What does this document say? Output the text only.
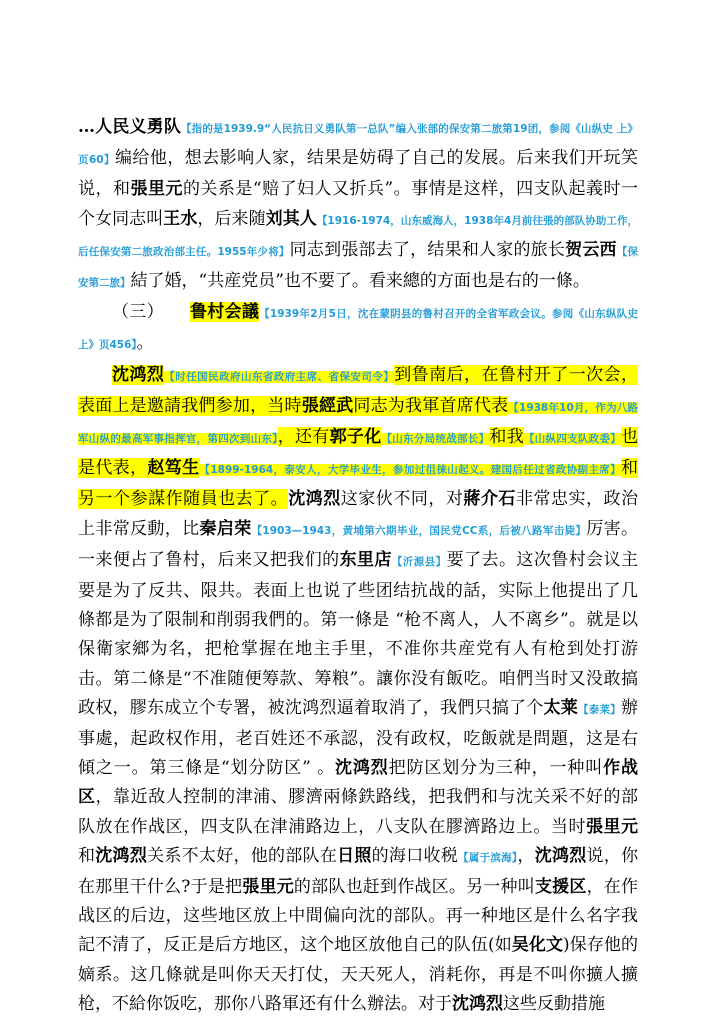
…人民义勇队【指的是1939.9“人民抗日义勇队第一总队”编入张部的保安第二旅第19团，参阅《山纵史 上》页60】编给他，想去影响人家，结果是妨碍了自己的发展。后来我们开玩笑说，和張里元的关系是“赔了妇人又折兵”。事情是这样，四支队起義时一个女同志叫王水，后来随刘其人【1916-1974，山东威海人，1938年4月前往張的部队协助工作，后任保安第二旅政治部主任。1955年少将】同志到張部去了，结果和人家的旅长贺云西【保安第二旅】結了婚，“共産党员”也不要了。看来總的方面也是右的一條。

（三）　　鲁村会議【1939年2月5日，沈在蒙阴县的鲁村召开的全省军政会议。参阅《山东纵队史 上》页456】。

沈鸿烈【时任国民政府山东省政府主席、省保安司令】到鲁南后，在鲁村开了一次会，表面上是邀請我們参加，当時張經武同志为我軍首席代表【1938年10月，作为八路军山纵的最高军事指挥官，第四次到山东】，还有郭子化【山东分局统战部长】和我【山纵四支队政委】也是代表，赵笃生【1899-1964，泰安人，大学毕业生，参加过徂徕山起义。建国后任过省政协副主席】和另一个参謀作随員也去了。沈鸿烈这家伙不同，对蔣介石非常忠实，政治上非常反動，比秦启荣【1903—1943，黄埔第六期毕业，国民党CC系，后被八路军击毙】厉害。一来便占了鲁村，后来又把我们的东里店【沂源县】要了去。这次鲁村会议主要是为了反共、限共。表面上也说了些团结抗战的話，实际上他提出了几條都是为了限制和削弱我們的。第一條是 “枪不离人，人不离乡”。就是以保衛家鄉为名，把枪掌握在地主手里，不准你共産党有人有枪到处打游击。第二條是“不准随便筹款、筹粮”。讓你没有飯吃。咱們当时又没敢搞政权，膠东成立个专署，被沈鸿烈逼着取消了，我們只搞了个太莱【泰莱】辦事處，起政权作用，老百姓还不承認，没有政权，吃飯就是問題，这是右傾之一。第三條是“划分防区” 。沈鸿烈把防区划分为三种，一种叫作战区，靠近敌人控制的津浦、膠濟兩條鉄路线，把我們和与沈关采不好的部队放在作战区，四支队在津浦路边上，八支队在膠濟路边上。当时張里元和沈鸿烈关系不太好，他的部队在日照的海口收税【属于滨海】，沈鸿烈说，你在那里干什么?于是把張里元的部队也赶到作战区。另一种叫支援区，在作战区的后边，这些地区放上中間偏向沈的部队。再一种地区是什么名字我記不清了，反正是后方地区，这个地区放他自己的队伍(如吴化文)保存他的嫡系。这几條就是叫你天天打仗，天天死人，消耗你，再是不叫你擴人擴枪，不給你饭吃，那你八路軍还有什么辦法。对于沈鸿烈这些反動措施
